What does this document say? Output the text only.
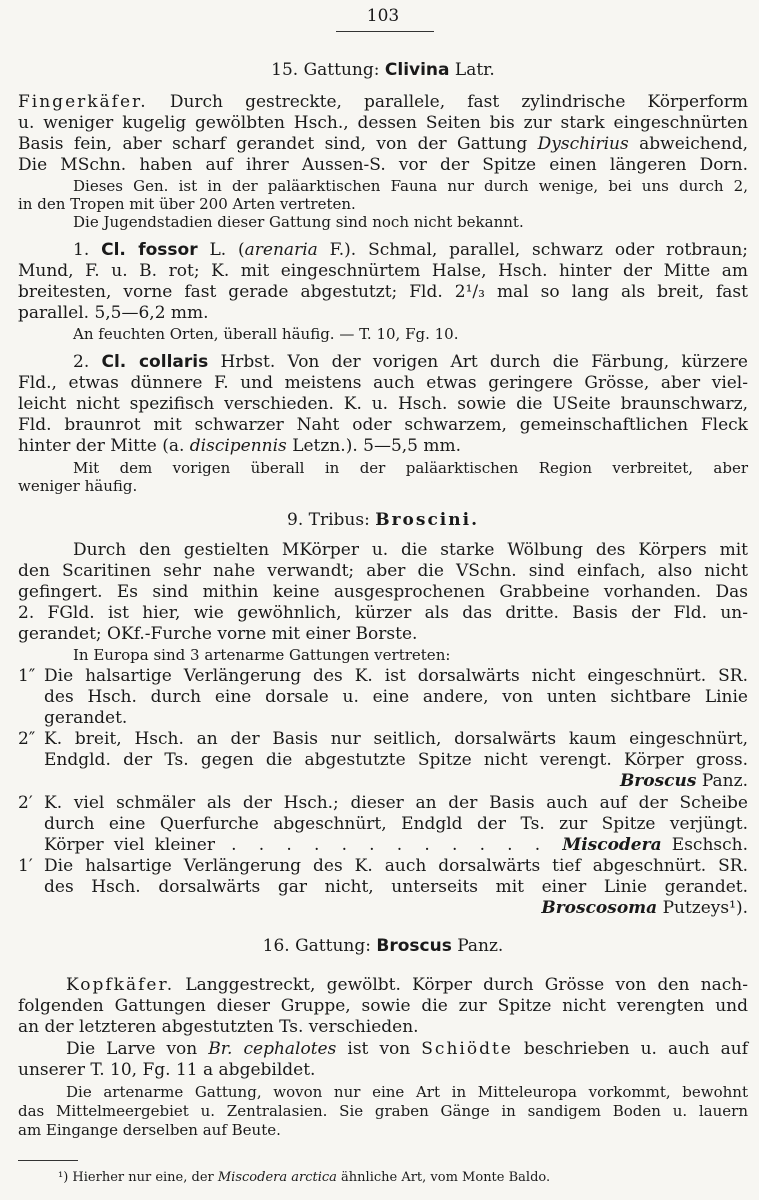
103
15. Gattung: Clivina Latr.
Fingerkäfer. Durch gestreckte, parallele, fast zylindrische Körperform
u. weniger kugelig gewölbten Hsch., dessen Seiten bis zur stark eingeschnürten
Basis fein, aber scharf gerandet sind, von der Gattung Dyschirius abweichend,
Die MSchn. haben auf ihrer Aussen-S. vor der Spitze einen längeren Dorn.
Dieses Gen. ist in der paläarktischen Fauna nur durch wenige, bei uns durch 2,
in den Tropen mit über 200 Arten vertreten.
Die Jugendstadien dieser Gattung sind noch nicht bekannt.
1. Cl. fossor L. (arenaria F.). Schmal, parallel, schwarz oder rotbraun;
Mund, F. u. B. rot; K. mit eingeschnürtem Halse, Hsch. hinter der Mitte am
breitesten, vorne fast gerade abgestutzt; Fld. 2¹/₃ mal so lang als breit, fast
parallel. 5,5—6,2 mm.
An feuchten Orten, überall häufig. — T. 10, Fg. 10.
2. Cl. collaris Hrbst. Von der vorigen Art durch die Färbung, kürzere
Fld., etwas dünnere F. und meistens auch etwas geringere Grösse, aber viel-
leicht nicht spezifisch verschieden. K. u. Hsch. sowie die USeite braunschwarz,
Fld. braunrot mit schwarzer Naht oder schwarzem, gemeinschaftlichen Fleck
hinter der Mitte (a. discipennis Letzn.). 5—5,5 mm.
Mit dem vorigen überall in der paläarktischen Region verbreitet, aber
weniger häufig.
9. Tribus: Broscini.
Durch den gestielten MKörper u. die starke Wölbung des Körpers mit
den Scaritinen sehr nahe verwandt; aber die VSchn. sind einfach, also nicht
gefingert. Es sind mithin keine ausgesprochenen Grabbeine vorhanden. Das
2. FGld. ist hier, wie gewöhnlich, kürzer als das dritte. Basis der Fld. un-
gerandet; OKf.-Furche vorne mit einer Borste.
In Europa sind 3 artenarme Gattungen vertreten:
1″ Die halsartige Verlängerung des K. ist dorsalwärts nicht eingeschnürt. SR.
des Hsch. durch eine dorsale u. eine andere, von unten sichtbare Linie
gerandet.
2″ K. breit, Hsch. an der Basis nur seitlich, dorsalwärts kaum eingeschnürt,
Endgld. der Ts. gegen die abgestutzte Spitze nicht verengt. Körper gross.
Broscus Panz.
2′ K. viel schmäler als der Hsch.; dieser an der Basis auch auf der Scheibe
durch eine Querfurche abgeschnürt, Endgld der Ts. zur Spitze verjüngt.
Körper viel kleiner . . . . . . . . . . . . Miscodera Eschsch.
1′ Die halsartige Verlängerung des K. auch dorsalwärts tief abgeschnürt. SR.
des Hsch. dorsalwärts gar nicht, unterseits mit einer Linie gerandet.
Broscosoma Putzeys¹).
16. Gattung: Broscus Panz.
Kopfkäfer. Langgestreckt, gewölbt. Körper durch Grösse von den nach-
folgenden Gattungen dieser Gruppe, sowie die zur Spitze nicht verengten und
an der letzteren abgestutzten Ts. verschieden.
Die Larve von Br. cephalotes ist von Schiödte beschrieben u. auch auf
unserer T. 10, Fg. 11 a abgebildet.
Die artenarme Gattung, wovon nur eine Art in Mitteleuropa vorkommt, bewohnt
das Mittelmeergebiet u. Zentralasien. Sie graben Gänge in sandigem Boden u. lauern
am Eingange derselben auf Beute.
¹) Hierher nur eine, der Miscodera arctica ähnliche Art, vom Monte Baldo.
